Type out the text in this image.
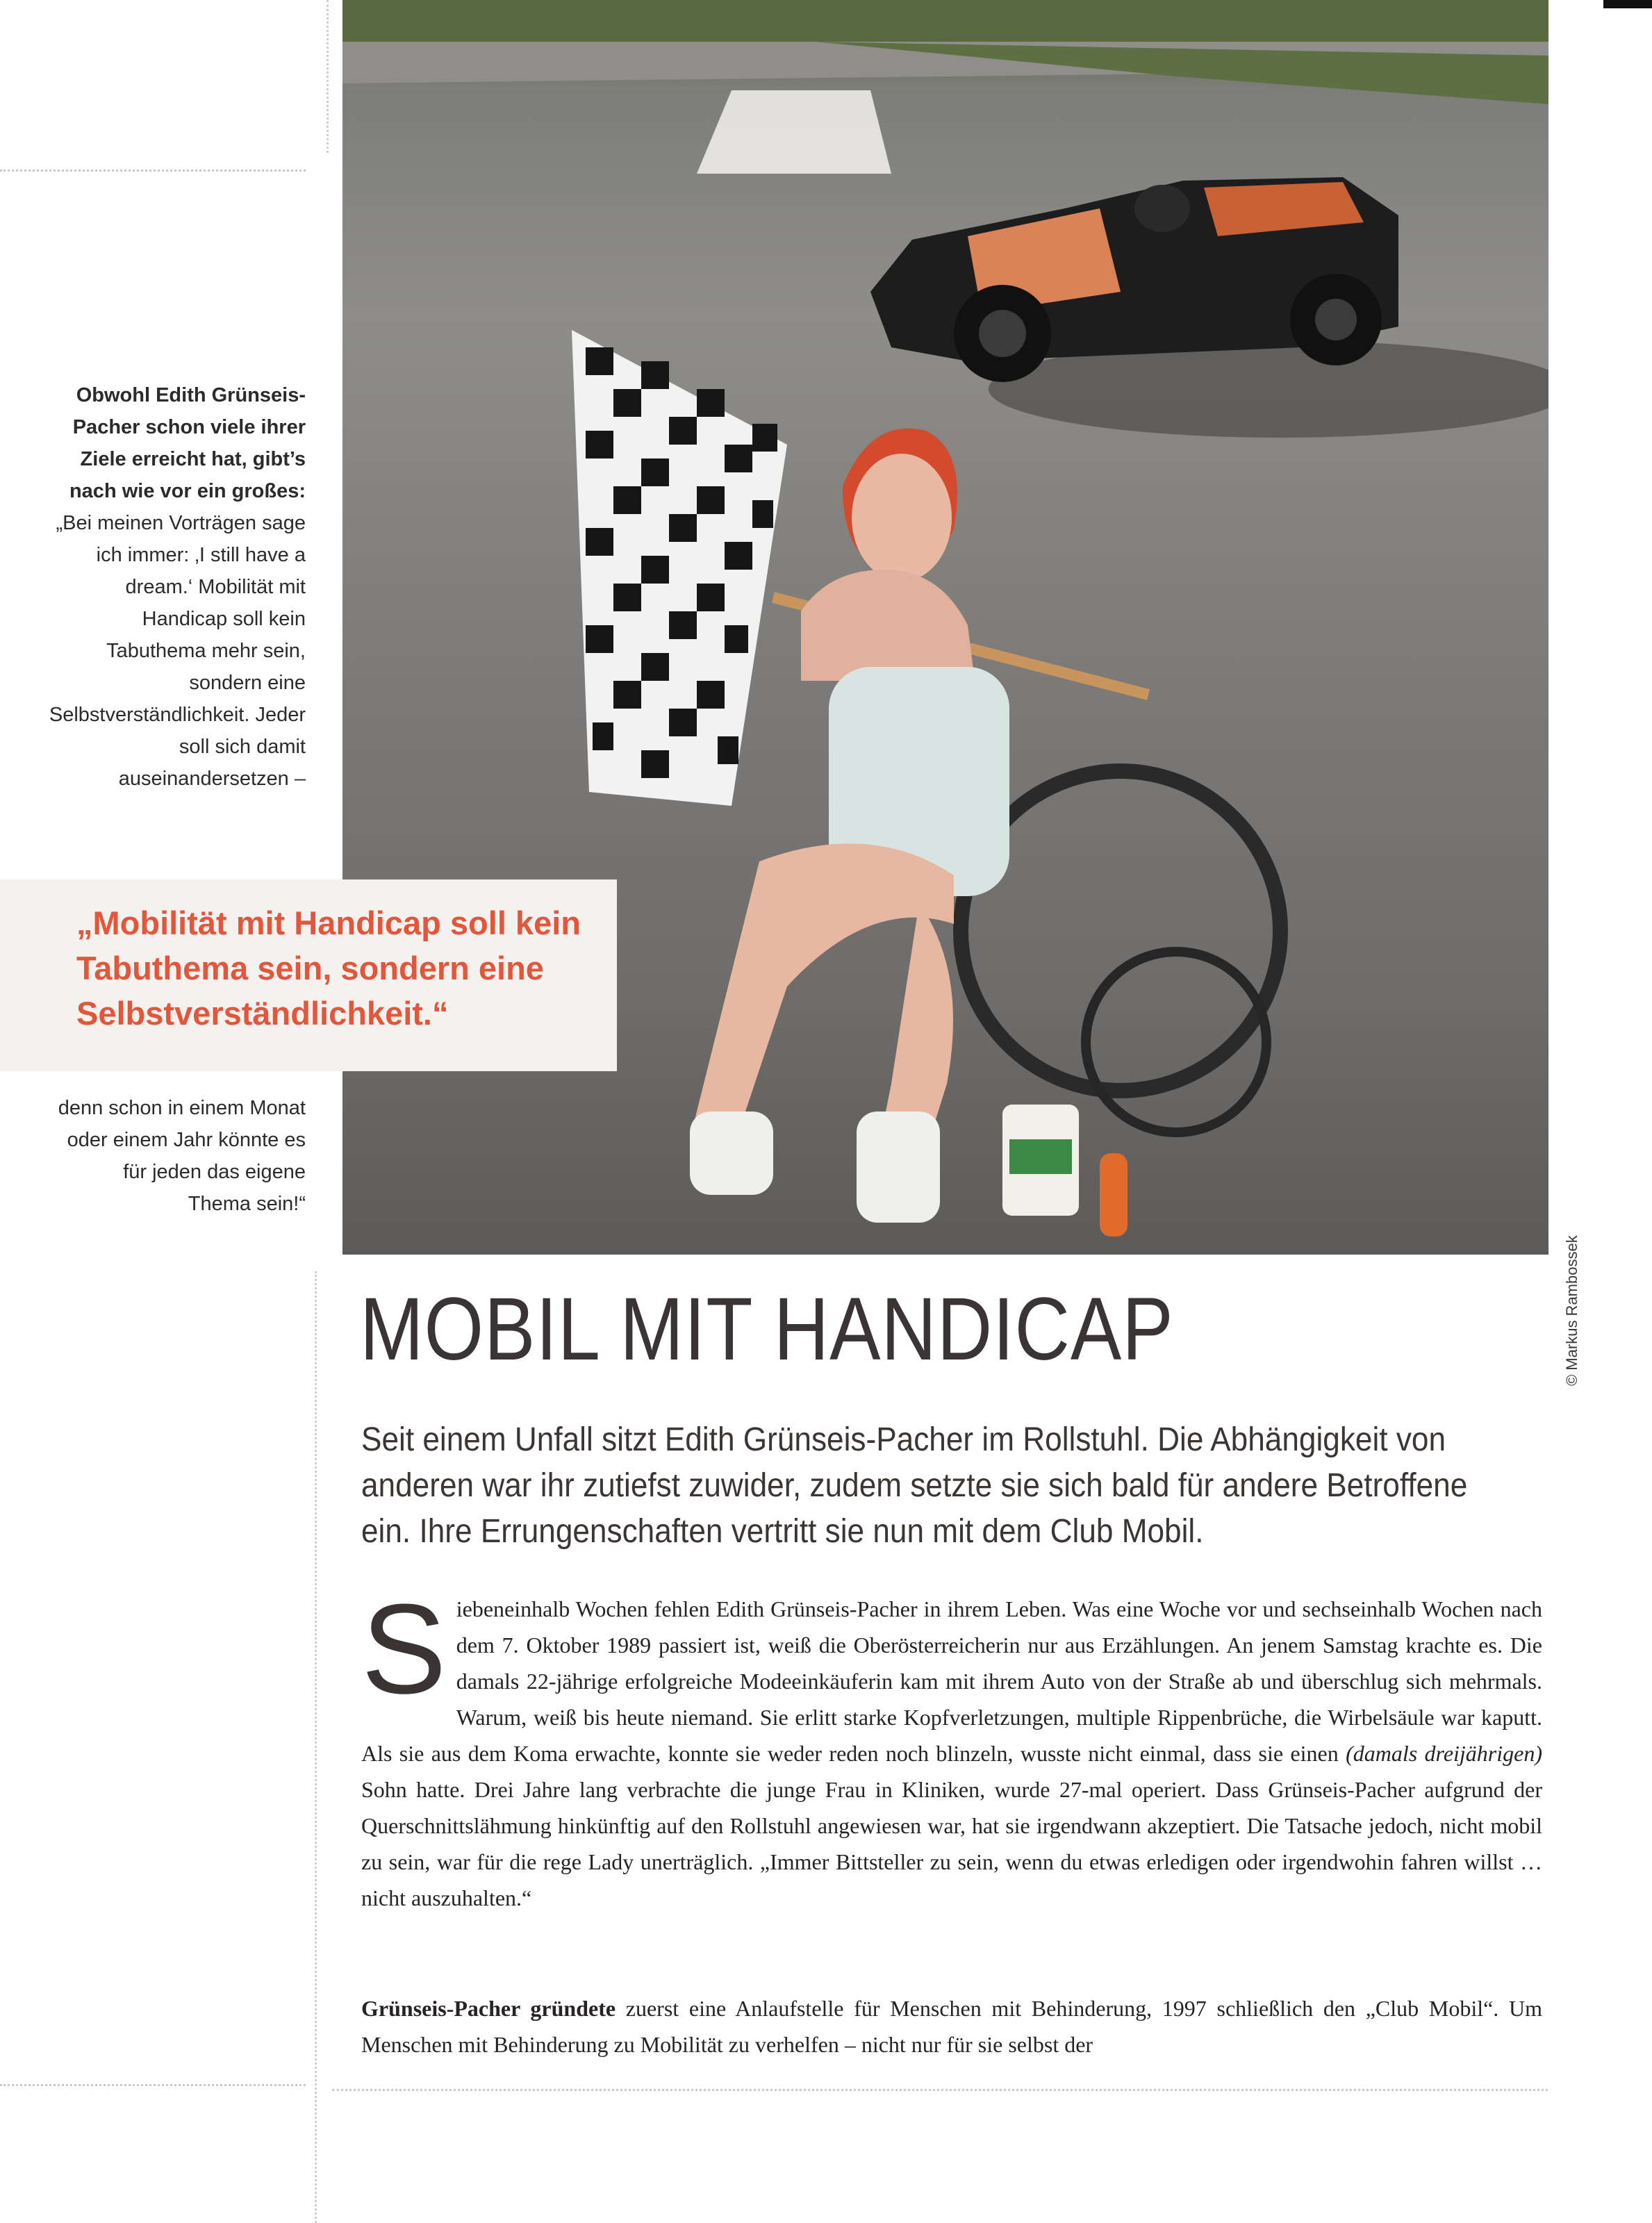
Obwohl Edith Grünseis-Pacher schon viele ihrer Ziele erreicht hat, gibt’s nach wie vor ein großes: „Bei meinen Vorträgen sage ich immer: ‚I still have a dream.‘ Mobilität mit Handicap soll kein Tabuthema mehr sein, sondern eine Selbstverständlichkeit. Jeder soll sich damit auseinandersetzen –

„Mobilität mit Handicap soll kein Tabuthema sein, sondern eine Selbstverständlichkeit.“
denn schon in einem Monat oder einem Jahr könnte es für jeden das eigene Thema sein!“
© Markus Rambossek
MOBIL MIT HANDICAP
Seit einem Unfall sitzt Edith Grünseis-Pacher im Rollstuhl. Die Abhängigkeit von anderen war ihr zutiefst zuwider, zudem setzte sie sich bald für andere Betroffene ein. Ihre Errungenschaften vertritt sie nun mit dem Club Mobil.
Siebeneinhalb Wochen fehlen Edith Grünseis-Pacher in ihrem Leben. Was eine Woche vor und sechseinhalb Wochen nach dem 7. Oktober 1989 passiert ist, weiß die Oberösterreicherin nur aus Erzählungen. An jenem Samstag krachte es. Die damals 22-jährige erfolgreiche Modeeinkäuferin kam mit ihrem Auto von der Straße ab und überschlug sich mehrmals. Warum, weiß bis heute niemand. Sie erlitt starke Kopfverletzungen, multiple Rippenbrüche, die Wirbelsäule war kaputt. Als sie aus dem Koma erwachte, konnte sie weder reden noch blinzeln, wusste nicht einmal, dass sie einen (damals dreijährigen) Sohn hatte. Drei Jahre lang verbrachte die junge Frau in Kliniken, wurde 27-mal operiert. Dass Grünseis-Pacher aufgrund der Querschnittslähmung hinkünftig auf den Rollstuhl angewiesen war, hat sie irgendwann akzeptiert. Die Tatsache jedoch, nicht mobil zu sein, war für die rege Lady unerträglich. „Immer Bittsteller zu sein, wenn du etwas erledigen oder irgendwohin fahren willst … nicht auszuhalten.“
Grünseis-Pacher gründete zuerst eine Anlaufstelle für Menschen mit Behinderung, 1997 schließlich den „Club Mobil“. Um Menschen mit Behinderung zu Mobilität zu verhelfen – nicht nur für sie selbst der
